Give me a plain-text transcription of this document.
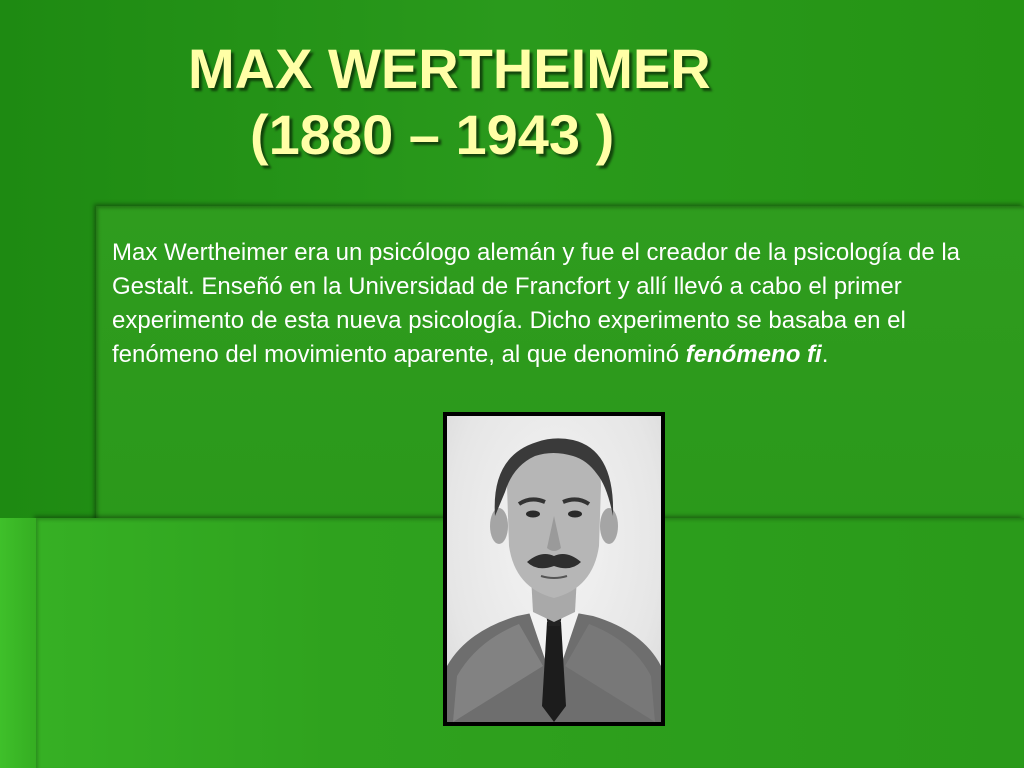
MAX WERTHEIMER
(1880 – 1943 )

Max Wertheimer era un psicólogo alemán y fue el creador de la psicología de la Gestalt. Enseñó en la Universidad de Francfort y allí llevó a cabo el primer experimento de esta nueva psicología. Dicho experimento se basaba en el fenómeno del movimiento aparente, al que denominó fenómeno fi.
